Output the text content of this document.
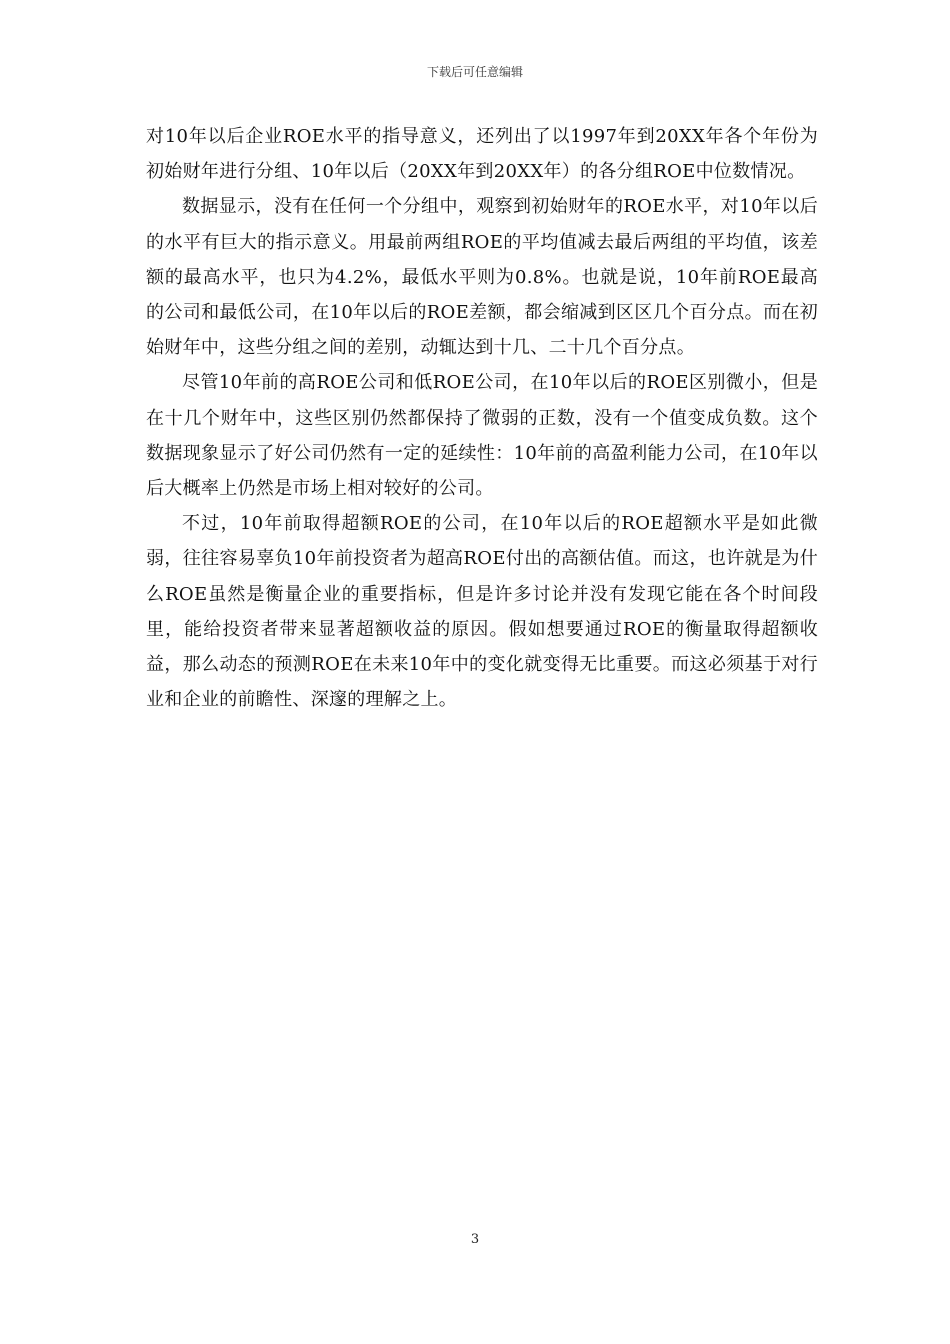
下载后可任意编辑

对10年以后企业ROE水平的指导意义，还列出了以1997年到20XX年各个年份为初始财年进行分组、10年以后（20XX年到20XX年）的各分组ROE中位数情况。

数据显示，没有在任何一个分组中，观察到初始财年的ROE水平，对10年以后的水平有巨大的指示意义。用最前两组ROE的平均值减去最后两组的平均值，该差额的最高水平，也只为4.2%，最低水平则为0.8%。也就是说，10年前ROE最高的公司和最低公司，在10年以后的ROE差额，都会缩减到区区几个百分点。而在初始财年中，这些分组之间的差别，动辄达到十几、二十几个百分点。

尽管10年前的高ROE公司和低ROE公司，在10年以后的ROE区别微小，但是在十几个财年中，这些区别仍然都保持了微弱的正数，没有一个值变成负数。这个数据现象显示了好公司仍然有一定的延续性：10年前的高盈利能力公司，在10年以后大概率上仍然是市场上相对较好的公司。

不过，10年前取得超额ROE的公司，在10年以后的ROE超额水平是如此微弱，往往容易辜负10年前投资者为超高ROE付出的高额估值。而这，也许就是为什么ROE虽然是衡量企业的重要指标，但是许多讨论并没有发现它能在各个时间段里，能给投资者带来显著超额收益的原因。假如想要通过ROE的衡量取得超额收益，那么动态的预测ROE在未来10年中的变化就变得无比重要。而这必须基于对行业和企业的前瞻性、深邃的理解之上。

3
